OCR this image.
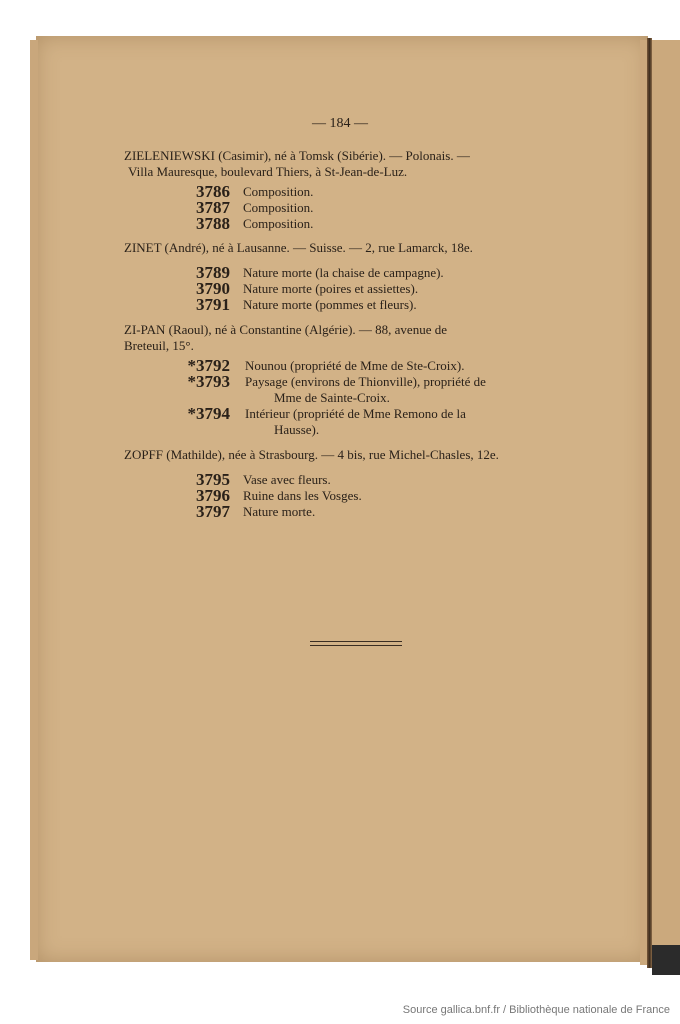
— 184 —
ZIELENIEWSKI (Casimir), né à Tomsk (Sibérie). — Polonais. —
Villa Mauresque, boulevard Thiers, à St-Jean-de-Luz.
3786 Composition.
3787 Composition.
3788 Composition.
ZINET (André), né à Lausanne. — Suisse. — 2, rue Lamarck, 18e.
3789 Nature morte (la chaise de campagne).
3790 Nature morte (poires et assiettes).
3791 Nature morte (pommes et fleurs).
ZI-PAN (Raoul), né à Constantine (Algérie). — 88, avenue de
Breteuil, 15°.
*3792 Nounou (propriété de Mme de Ste-Croix).
*3793 Paysage (environs de Thionville), propriété de
Mme de Sainte-Croix.
*3794 Intérieur (propriété de Mme Remono de la
Hausse).
ZOPFF (Mathilde), née à Strasbourg. — 4 bis, rue Michel-Chasles, 12e.
3795 Vase avec fleurs.
3796 Ruine dans les Vosges.
3797 Nature morte.
Source gallica.bnf.fr / Bibliothèque nationale de France
